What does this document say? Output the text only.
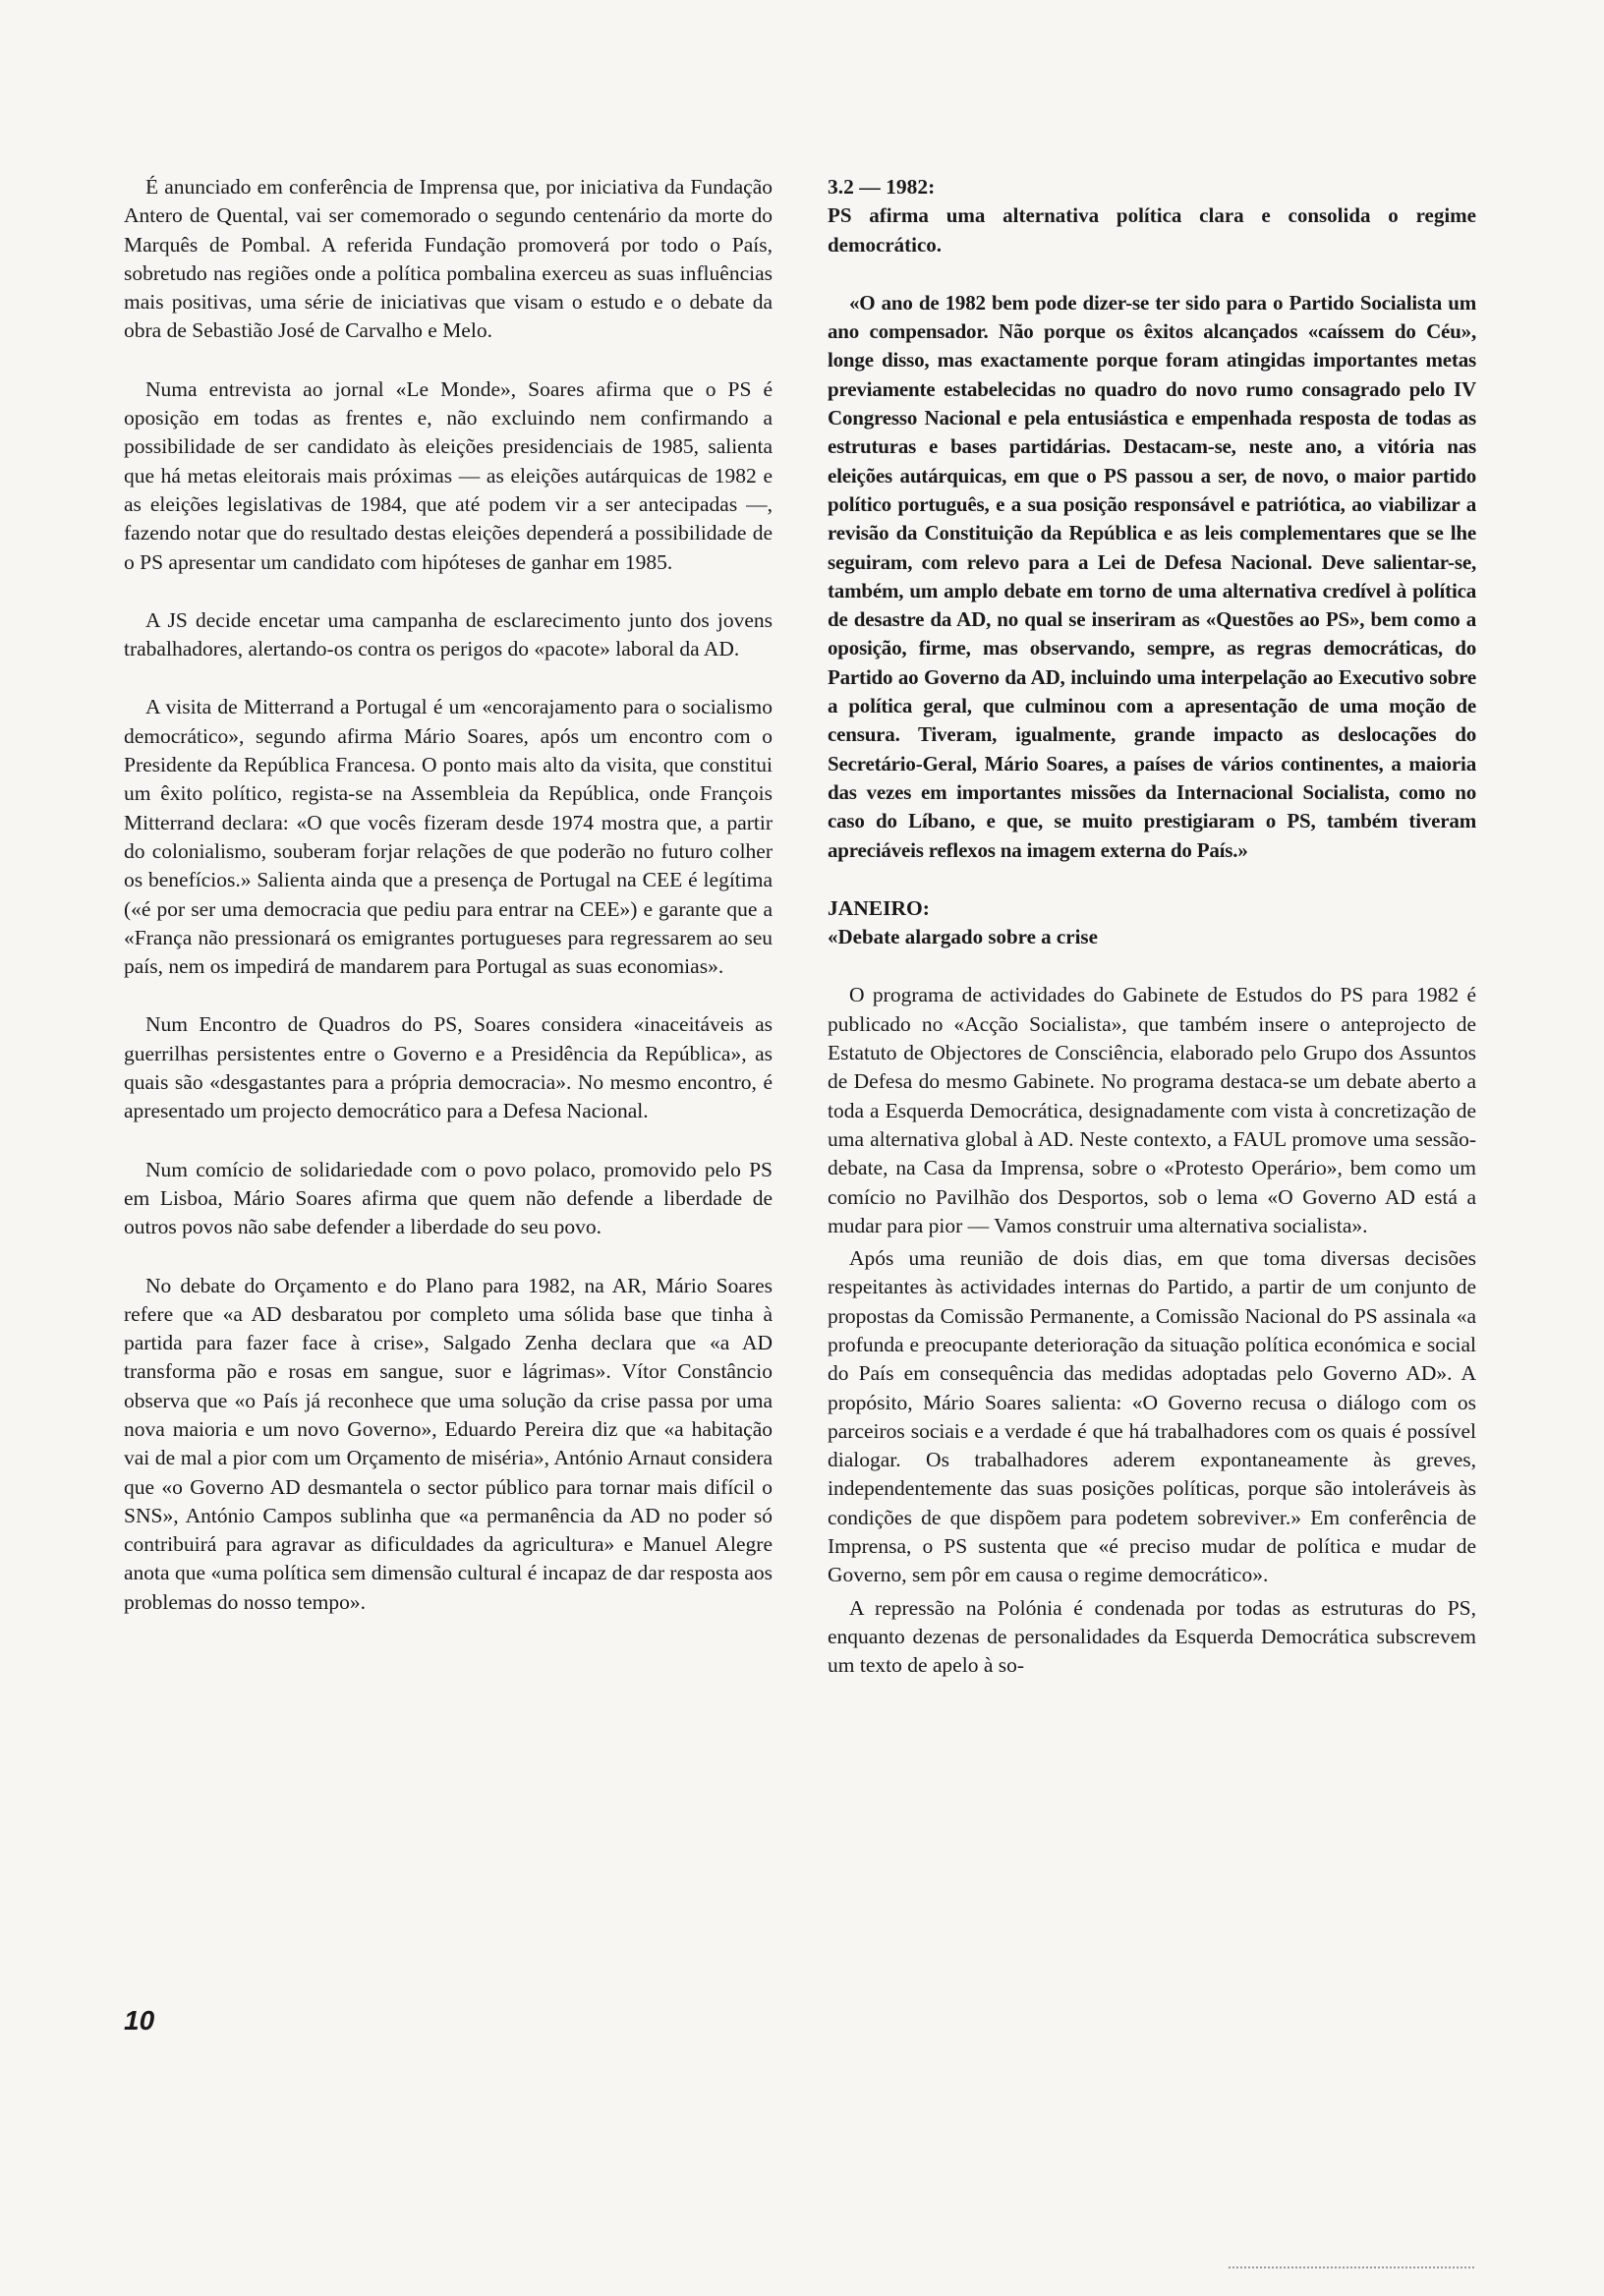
É anunciado em conferência de Imprensa que, por iniciativa da Fundação Antero de Quental, vai ser comemorado o segundo centenário da morte do Marquês de Pombal. A referida Fundação promoverá por todo o País, sobretudo nas regiões onde a política pombalina exerceu as suas influências mais positivas, uma série de iniciativas que visam o estudo e o debate da obra de Sebastião José de Carvalho e Melo.

Numa entrevista ao jornal «Le Monde», Soares afirma que o PS é oposição em todas as frentes e, não excluindo nem confirmando a possibilidade de ser candidato às eleições presidenciais de 1985, salienta que há metas eleitorais mais próximas — as eleições autárquicas de 1982 e as eleições legislativas de 1984, que até podem vir a ser antecipadas —, fazendo notar que do resultado destas eleições dependerá a possibilidade de o PS apresentar um candidato com hipóteses de ganhar em 1985.

A JS decide encetar uma campanha de esclarecimento junto dos jovens trabalhadores, alertando-os contra os perigos do «pacote» laboral da AD.

A visita de Mitterrand a Portugal é um «encorajamento para o socialismo democrático», segundo afirma Mário Soares, após um encontro com o Presidente da República Francesa. O ponto mais alto da visita, que constitui um êxito político, regista-se na Assembleia da República, onde François Mitterrand declara: «O que vocês fizeram desde 1974 mostra que, a partir do colonialismo, souberam forjar relações de que poderão no futuro colher os benefícios.» Salienta ainda que a presença de Portugal na CEE é legítima («é por ser uma democracia que pediu para entrar na CEE») e garante que a «França não pressionará os emigrantes portugueses para regressarem ao seu país, nem os impedirá de mandarem para Portugal as suas economias».

Num Encontro de Quadros do PS, Soares considera «inaceitáveis as guerrilhas persistentes entre o Governo e a Presidência da República», as quais são «desgastantes para a própria democracia». No mesmo encontro, é apresentado um projecto democrático para a Defesa Nacional.

Num comício de solidariedade com o povo polaco, promovido pelo PS em Lisboa, Mário Soares afirma que quem não defende a liberdade de outros povos não sabe defender a liberdade do seu povo.

No debate do Orçamento e do Plano para 1982, na AR, Mário Soares refere que «a AD desbaratou por completo uma sólida base que tinha à partida para fazer face à crise», Salgado Zenha declara que «a AD transforma pão e rosas em sangue, suor e lágrimas». Vítor Constâncio observa que «o País já reconhece que uma solução da crise passa por uma nova maioria e um novo Governo», Eduardo Pereira diz que «a habitação vai de mal a pior com um Orçamento de miséria», António Arnaut considera que «o Governo AD desmantela o sector público para tornar mais difícil o SNS», António Campos sublinha que «a permanência da AD no poder só contribuirá para agravar as dificuldades da agricultura» e Manuel Alegre anota que «uma política sem dimensão cultural é incapaz de dar resposta aos problemas do nosso tempo».

3.2 — 1982:
PS afirma uma alternativa política clara e consolida o regime democrático.

«O ano de 1982 bem pode dizer-se ter sido para o Partido Socialista um ano compensador. Não porque os êxitos alcançados «caíssem do Céu», longe disso, mas exactamente porque foram atingidas importantes metas previamente estabelecidas no quadro do novo rumo consagrado pelo IV Congresso Nacional e pela entusiástica e empenhada resposta de todas as estruturas e bases partidárias. Destacam-se, neste ano, a vitória nas eleições autárquicas, em que o PS passou a ser, de novo, o maior partido político português, e a sua posição responsável e patriótica, ao viabilizar a revisão da Constituição da República e as leis complementares que se lhe seguiram, com relevo para a Lei de Defesa Nacional. Deve salientar-se, também, um amplo debate em torno de uma alternativa credível à política de desastre da AD, no qual se inseriram as «Questões ao PS», bem como a oposição, firme, mas observando, sempre, as regras democráticas, do Partido ao Governo da AD, incluindo uma interpelação ao Executivo sobre a política geral, que culminou com a apresentação de uma moção de censura. Tiveram, igualmente, grande impacto as deslocações do Secretário-Geral, Mário Soares, a países de vários continentes, a maioria das vezes em importantes missões da Internacional Socialista, como no caso do Líbano, e que, se muito prestigiaram o PS, também tiveram apreciáveis reflexos na imagem externa do País.»

JANEIRO:
«Debate alargado sobre a crise

O programa de actividades do Gabinete de Estudos do PS para 1982 é publicado no «Acção Socialista», que também insere o anteprojecto de Estatuto de Objectores de Consciência, elaborado pelo Grupo dos Assuntos de Defesa do mesmo Gabinete. No programa destaca-se um debate aberto a toda a Esquerda Democrática, designadamente com vista à concretização de uma alternativa global à AD. Neste contexto, a FAUL promove uma sessão-debate, na Casa da Imprensa, sobre o «Protesto Operário», bem como um comício no Pavilhão dos Desportos, sob o lema «O Governo AD está a mudar para pior — Vamos construir uma alternativa socialista».

Após uma reunião de dois dias, em que toma diversas decisões respeitantes às actividades internas do Partido, a partir de um conjunto de propostas da Comissão Permanente, a Comissão Nacional do PS assinala «a profunda e preocupante deterioração da situação política económica e social do País em consequência das medidas adoptadas pelo Governo AD». A propósito, Mário Soares salienta: «O Governo recusa o diálogo com os parceiros sociais e a verdade é que há trabalhadores com os quais é possível dialogar. Os trabalhadores aderem expontaneamente às greves, independentemente das suas posições políticas, porque são intoleráveis às condições de que dispõem para podetem sobreviver.» Em conferência de Imprensa, o PS sustenta que «é preciso mudar de política e mudar de Governo, sem pôr em causa o regime democrático».

A repressão na Polónia é condenada por todas as estruturas do PS, enquanto dezenas de personalidades da Esquerda Democrática subscrevem um texto de apelo à so-

10
